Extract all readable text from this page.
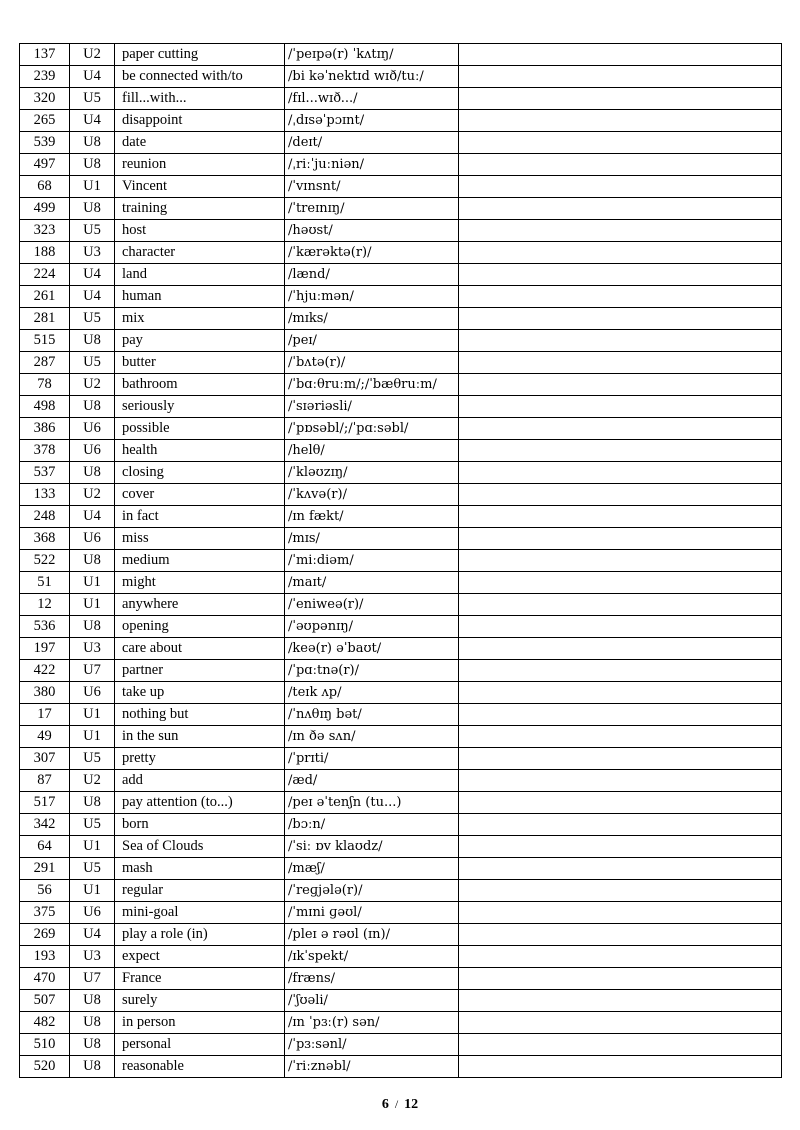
137	U2	paper cutting	/ˈpeɪpə(r) ˈkʌtɪŋ/	
239	U4	be connected with/to	/bi kəˈnektɪd wɪð/tuː/	
320	U5	fill...with...	/fɪl...wɪð.../	
265	U4	disappoint	/ˌdɪsəˈpɔɪnt/	
539	U8	date	/deɪt/	
497	U8	reunion	/ˌriːˈjuːniən/	
68	U1	Vincent	/ˈvɪnsnt/	
499	U8	training	/ˈtreɪnɪŋ/	
323	U5	host	/həʊst/	
188	U3	character	/ˈkærəktə(r)/	
224	U4	land	/lænd/	
261	U4	human	/ˈhjuːmən/	
281	U5	mix	/mɪks/	
515	U8	pay	/peɪ/	
287	U5	butter	/ˈbʌtə(r)/	
78	U2	bathroom	/ˈbɑːθruːm/;/ˈbæθruːm/	
498	U8	seriously	/ˈsɪəriəsli/	
386	U6	possible	/ˈpɒsəbl/;/ˈpɑːsəbl/	
378	U6	health	/helθ/	
537	U8	closing	/ˈkləʊzɪŋ/	
133	U2	cover	/ˈkʌvə(r)/	
248	U4	in fact	/ɪn fækt/	
368	U6	miss	/mɪs/	
522	U8	medium	/ˈmiːdiəm/	
51	U1	might	/maɪt/	
12	U1	anywhere	/ˈeniweə(r)/	
536	U8	opening	/ˈəʊpənɪŋ/	
197	U3	care about	/keə(r) əˈbaʊt/	
422	U7	partner	/ˈpɑːtnə(r)/	
380	U6	take up	/teɪk ʌp/	
17	U1	nothing but	/ˈnʌθɪŋ bət/	
49	U1	in the sun	/ɪn ðə sʌn/	
307	U5	pretty	/ˈprɪti/	
87	U2	add	/æd/	
517	U8	pay attention (to...)	/peɪ əˈtenʃn (tu...)	
342	U5	born	/bɔːn/	
64	U1	Sea of Clouds	/ˈsiː ɒv klaʊdz/	
291	U5	mash	/mæʃ/	
56	U1	regular	/ˈreɡjələ(r)/	
375	U6	mini-goal	/ˈmɪni ɡəʊl/	
269	U4	play a role (in)	/pleɪ ə rəʊl (ɪn)/	
193	U3	expect	/ɪkˈspekt/	
470	U7	France	/fræns/	
507	U8	surely	/ˈʃʊəli/	
482	U8	in person	/ɪn ˈpɜː(r) sən/	
510	U8	personal	/ˈpɜːsənl/	
520	U8	reasonable	/ˈriːznəbl/	
6 / 12
